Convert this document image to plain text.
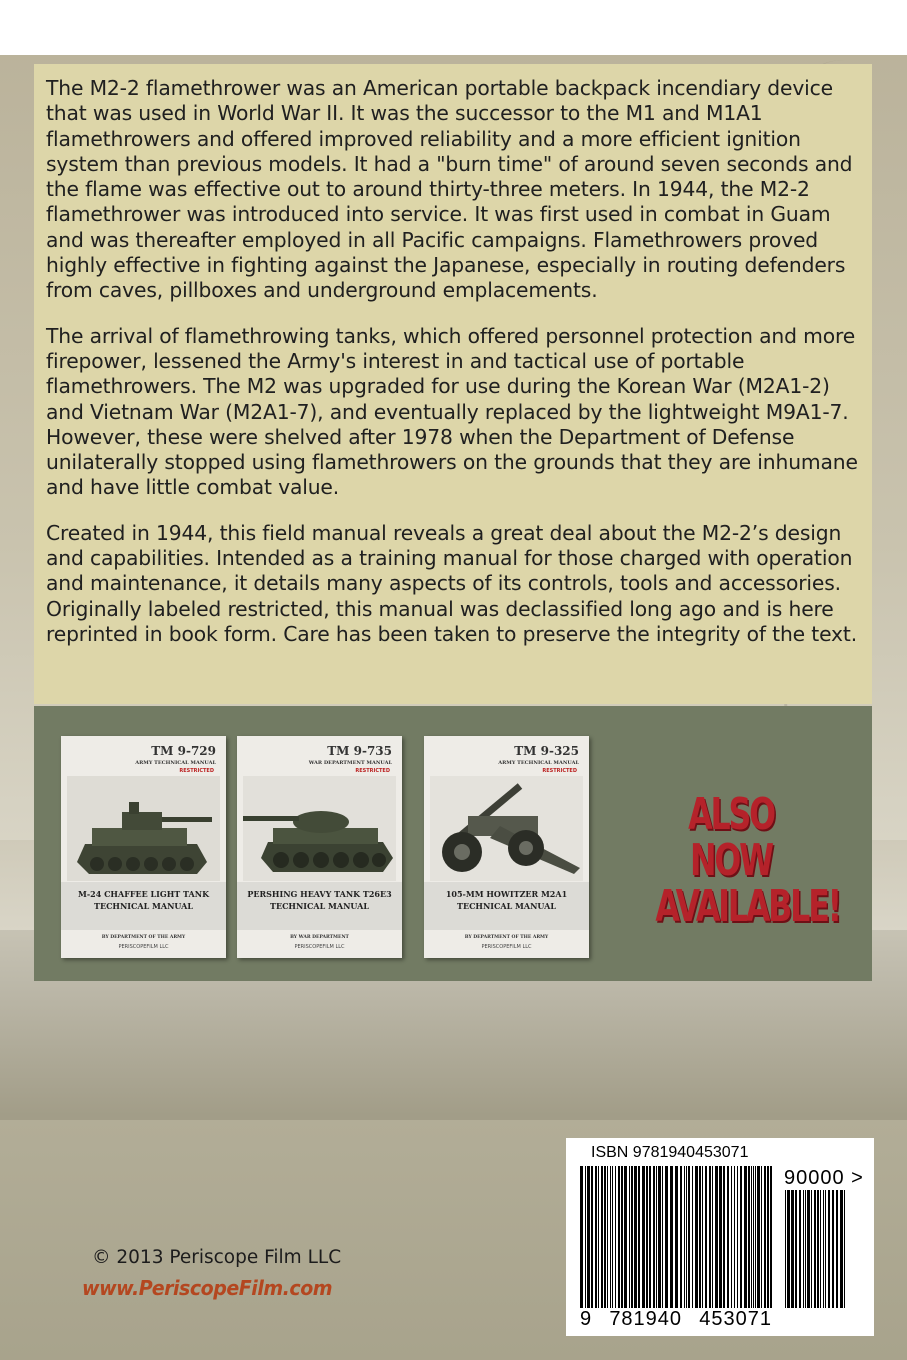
The M2-2 flamethrower was an American portable backpack incendiary device that was used in World War II. It was the successor to the M1 and M1A1 flamethrowers and offered improved reliability and a more efficient ignition system than previous models. It had a "burn time" of around seven seconds and the flame was effective out to around thirty-three meters. In 1944, the M2-2 flamethrower was introduced into service. It was first used in combat in Guam and was thereafter employed in all Pacific campaigns. Flamethrowers proved highly effective in fighting against the Japanese, especially in routing defenders from caves, pillboxes and underground emplacements.

The arrival of flamethrowing tanks, which offered personnel protection and more firepower, lessened the Army's interest in and tactical use of portable flamethrowers. The M2 was upgraded for use during the Korean War (M2A1-2) and Vietnam War (M2A1-7), and eventually replaced by the lightweight M9A1-7. However, these were shelved after 1978 when the Department of Defense unilaterally stopped using flamethrowers on the grounds that they are inhumane and have little combat value.

Created in 1944, this field manual reveals a great deal about the M2-2’s design and capabilities. Intended as a training manual for those charged with operation and maintenance, it details many aspects of its controls, tools and accessories. Originally labeled restricted, this manual was declassified long ago and is here reprinted in book form. Care has been taken to preserve the integrity of the text.

TM 9-729
ARMY TECHNICAL MANUAL
RESTRICTED
M-24 CHAFFEE LIGHT TANK
TECHNICAL MANUAL
BY DEPARTMENT OF THE ARMY
PERISCOPEFILM LLC
TM 9-735
WAR DEPARTMENT MANUAL
RESTRICTED
PERSHING HEAVY TANK T26E3
TECHNICAL MANUAL
BY WAR DEPARTMENT
PERISCOPEFILM LLC
TM 9-325
ARMY TECHNICAL MANUAL
RESTRICTED
105-MM HOWITZER M2A1
TECHNICAL MANUAL
BY DEPARTMENT OF THE ARMY
PERISCOPEFILM LLC
ALSO NOW AVAILABLE!
© 2013 Periscope Film LLC
www.PeriscopeFilm.com
ISBN 9781940453071
90000 >
9 781940 453071
